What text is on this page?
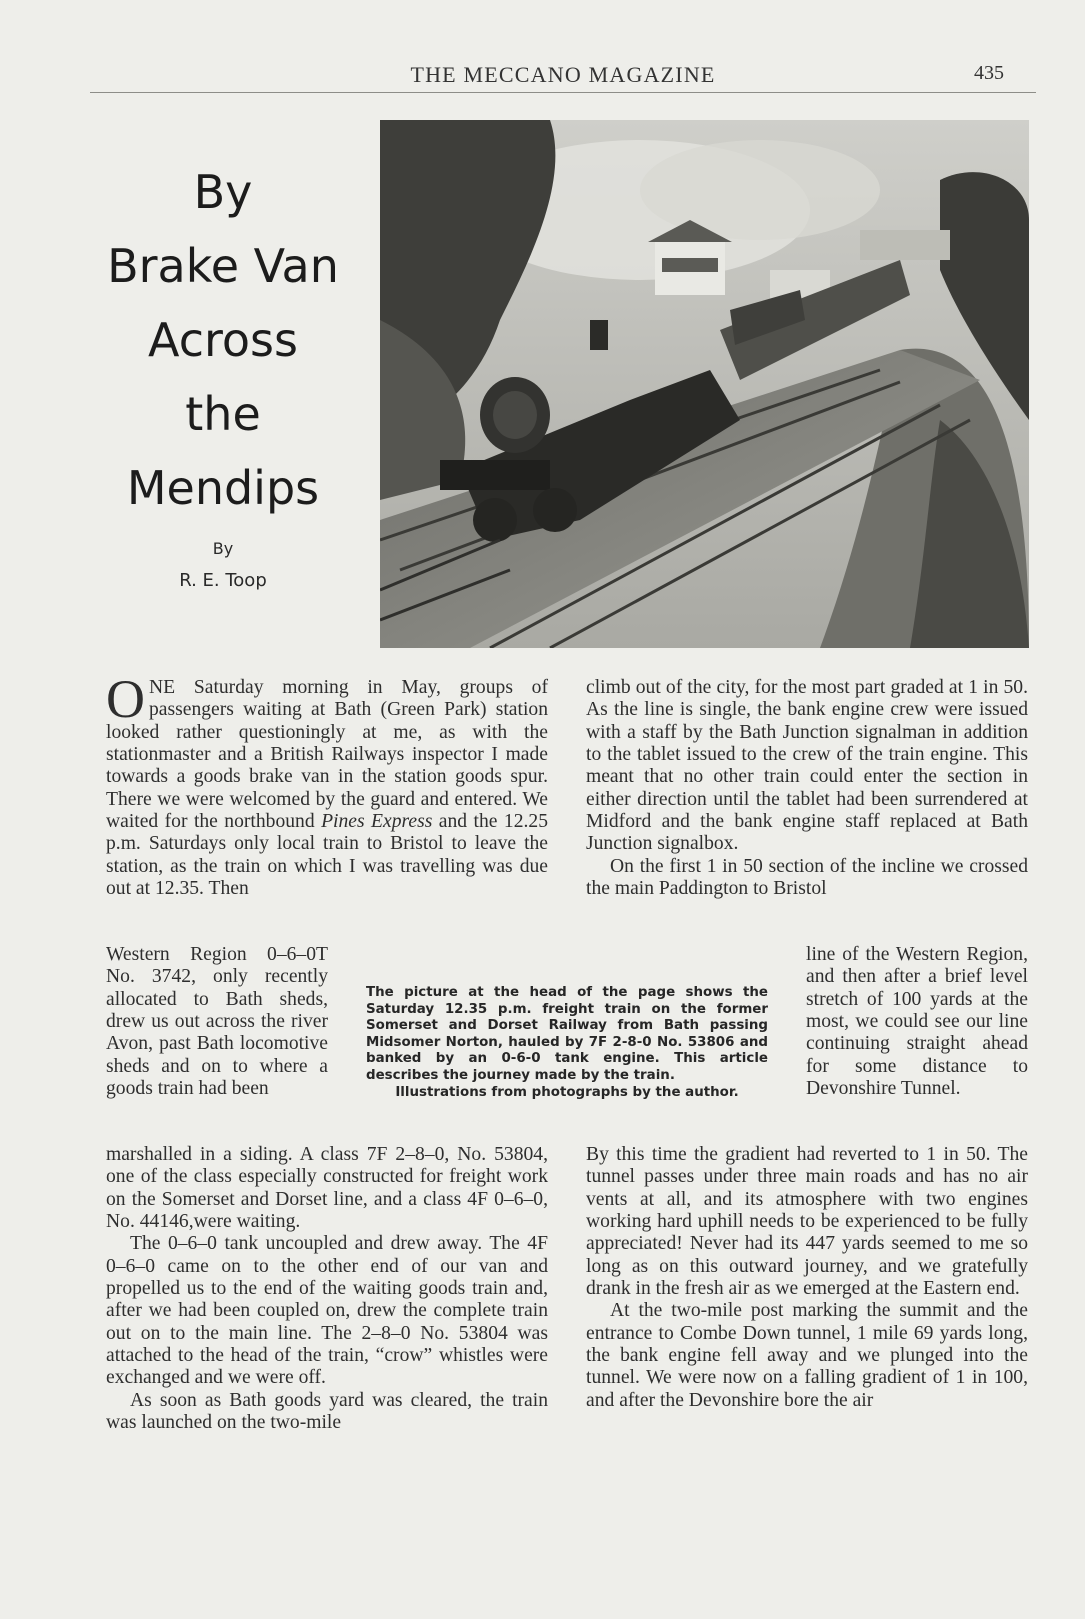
THE MECCANO MAGAZINE	435
By
Brake Van
Across
the
Mendips
By
R. E. Toop

ONE Saturday morning in May, groups of passengers waiting at Bath (Green Park) station looked rather questioningly at me, as with the stationmaster and a British Railways inspector I made towards a goods brake van in the station goods spur. There we were welcomed by the guard and entered. We waited for the northbound Pines Express and the 12.25 p.m. Saturdays only local train to Bristol to leave the station, as the train on which I was travelling was due out at 12.35. Then

Western Region 0–6–0T No. 3742, only recently allocated to Bath sheds, drew us out across the river Avon, past Bath locomotive sheds and on to where a goods train had been

marshalled in a siding. A class 7F 2–8–0, No. 53804, one of the class especially constructed for freight work on the Somerset and Dorset line, and a class 4F 0–6–0, No. 44146,were waiting.

The 0–6–0 tank uncoupled and drew away. The 4F 0–6–0 came on to the other end of our van and propelled us to the end of the waiting goods train and, after we had been coupled on, drew the complete train out on to the main line. The 2–8–0 No. 53804 was attached to the head of the train, “crow” whistles were exchanged and we were off.

As soon as Bath goods yard was cleared, the train was launched on the two-mile

climb out of the city, for the most part graded at 1 in 50. As the line is single, the bank engine crew were issued with a staff by the Bath Junction signalman in addition to the tablet issued to the crew of the train engine. This meant that no other train could enter the section in either direction until the tablet had been surrendered at Midford and the bank engine staff replaced at Bath Junction signalbox.

On the first 1 in 50 section of the incline we crossed the main Paddington to Bristol

line of the Western Region, and then after a brief level stretch of 100 yards at the most, we could see our line continuing straight ahead for some distance to Devonshire Tunnel.

By this time the gradient had reverted to 1 in 50. The tunnel passes under three main roads and has no air vents at all, and its atmosphere with two engines working hard uphill needs to be experienced to be fully appreciated! Never had its 447 yards seemed to me so long as on this outward journey, and we gratefully drank in the fresh air as we emerged at the Eastern end.

At the two-mile post marking the summit and the entrance to Combe Down tunnel, 1 mile 69 yards long, the bank engine fell away and we plunged into the tunnel. We were now on a falling gradient of 1 in 100, and after the Devonshire bore the air

The picture at the head of the page shows the Saturday 12.35 p.m. freight train on the former Somerset and Dorset Railway from Bath passing Midsomer Norton, hauled by 7F 2-8-0 No. 53806 and banked by an 0-6-0 tank engine. This article describes the journey made by the train.
Illustrations from photographs by the author.
